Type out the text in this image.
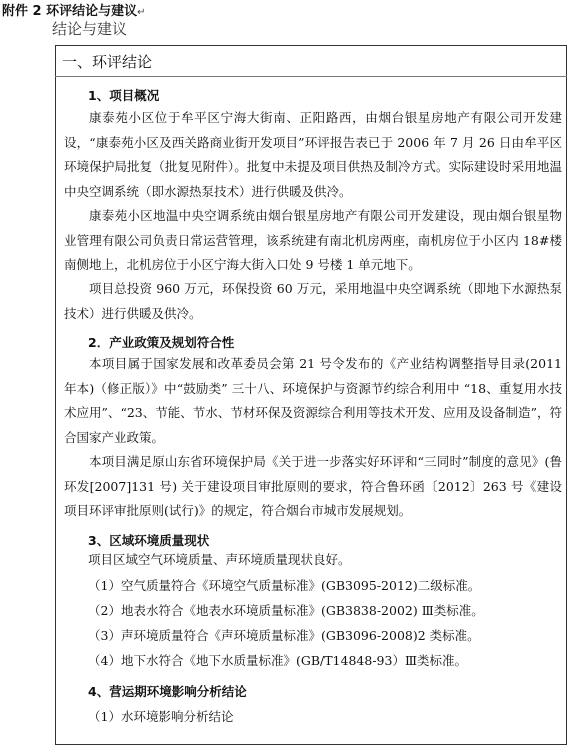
附件 2 环评结论与建议↵
结论与建议
一、环评结论
1、项目概况

康泰苑小区位于牟平区宁海大街南、正阳路西，由烟台银星房地产有限公司开发建设，“康泰苑小区及西关路商业街开发项目”环评报告表已于 2006 年 7 月 26 日由牟平区环境保护局批复（批复见附件）。批复中未提及项目供热及制冷方式。实际建设时采用地温中央空调系统（即水源热泵技术）进行供暖及供冷。

康泰苑小区地温中央空调系统由烟台银星房地产有限公司开发建设，现由烟台银星物业管理有限公司负责日常运营管理，该系统建有南北机房两座，南机房位于小区内 18#楼南侧地上，北机房位于小区宁海大街入口处 9 号楼 1 单元地下。

项目总投资 960 万元，环保投资 60 万元，采用地温中央空调系统（即地下水源热泵技术）进行供暖及供冷。

2．产业政策及规划符合性

本项目属于国家发展和改革委员会第 21 号令发布的《产业结构调整指导目录(2011 年本)（修正版）》中“鼓励类” 三十八、环境保护与资源节约综合利用中 “18、重复用水技术应用”、“23、节能、节水、节材环保及资源综合利用等技术开发、应用及设备制造”，符合国家产业政策。

本项目满足原山东省环境保护局《关于进一步落实好环评和“三同时”制度的意见》(鲁环发[2007]131 号) 关于建设项目审批原则的要求，符合鲁环函〔2012〕263 号《建设项目环评审批原则(试行)》的规定，符合烟台市城市发展规划。

3、区域环境质量现状
项目区域空气环境质量、声环境质量现状良好。
（1）空气质量符合《环境空气质量标准》(GB3095-2012)二级标准。
（2）地表水符合《地表水环境质量标准》(GB3838-2002) Ⅲ类标准。
（3）声环境质量符合《声环境质量标准》(GB3096-2008)2 类标准。
（4）地下水符合《地下水质量标准》(GB/T14848-93）Ⅲ类标准。
4、营运期环境影响分析结论
（1）水环境影响分析结论
